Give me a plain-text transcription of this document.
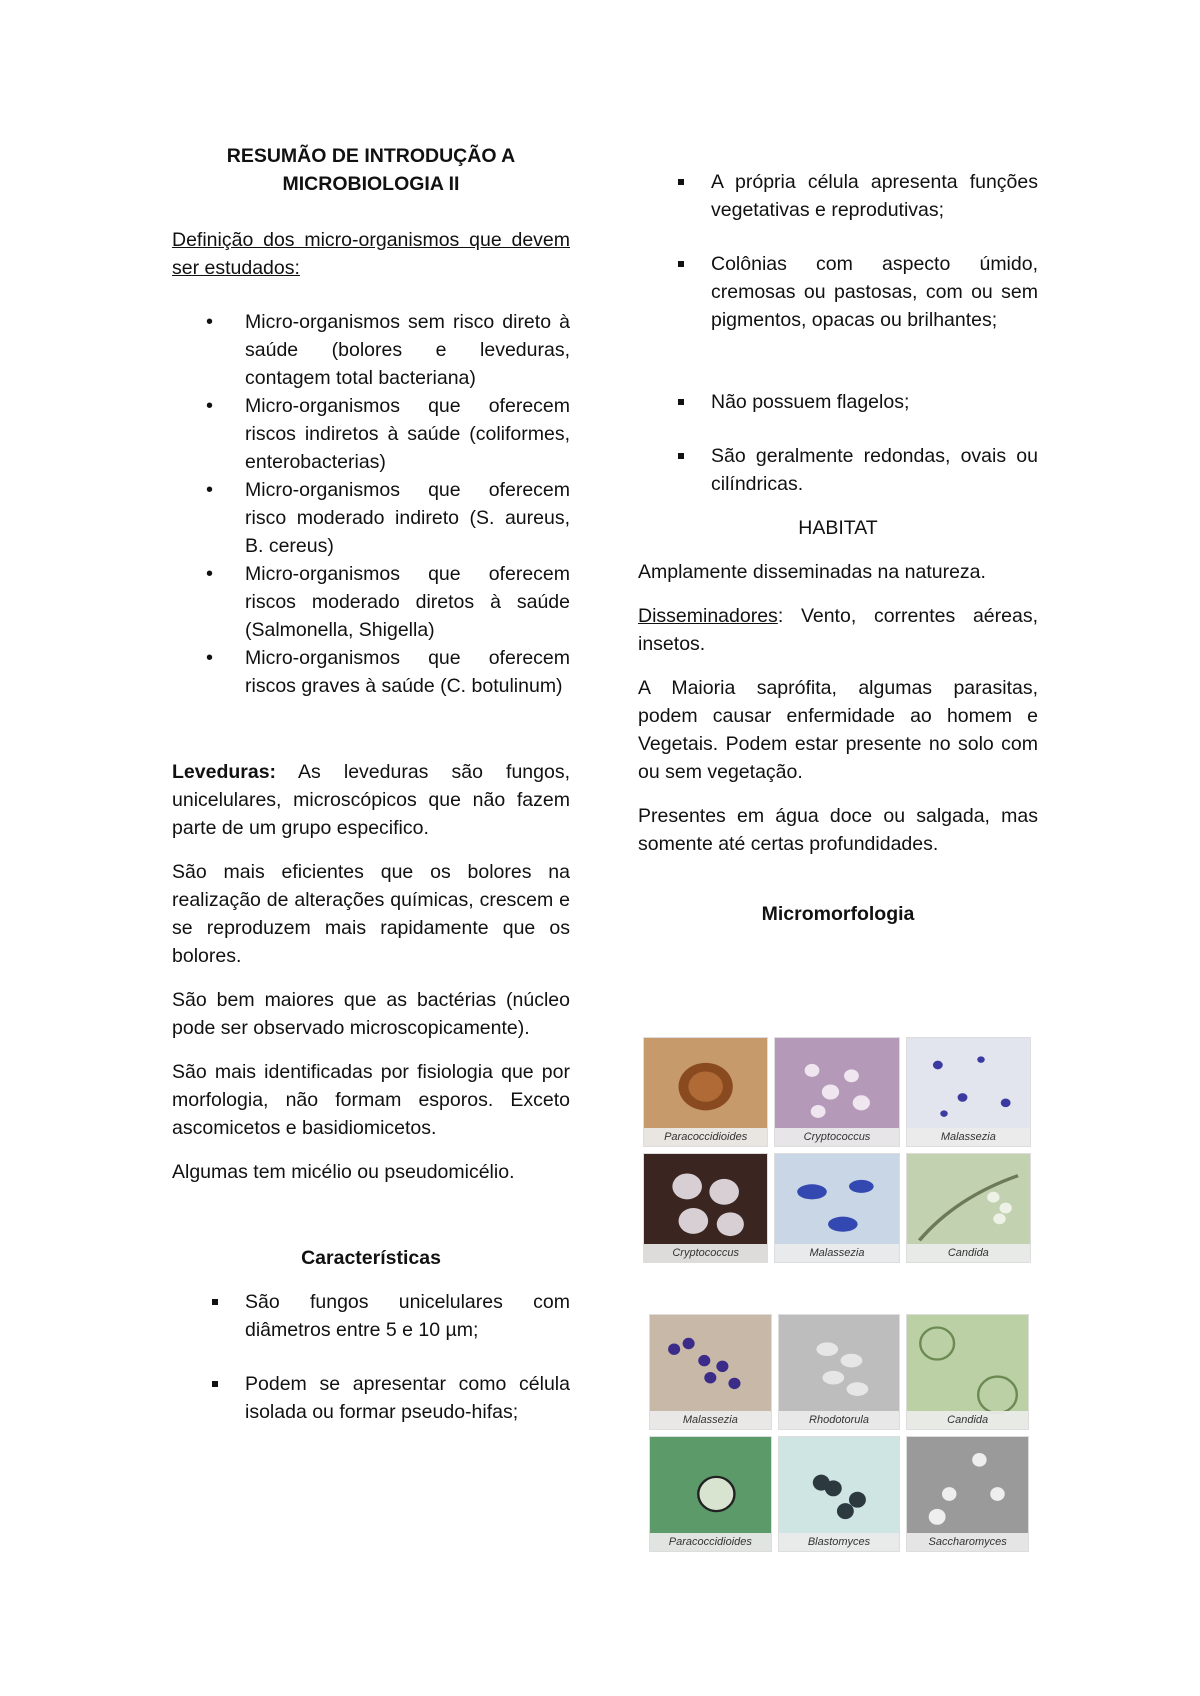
RESUMÃO DE INTRODUÇÃO A MICROBIOLOGIA II

Definição dos micro-organismos que devem ser estudados:

• Micro-organismos sem risco direto à saúde (bolores e leveduras, contagem total bacteriana)
• Micro-organismos que oferecem riscos indiretos à saúde (coliformes, enterobacterias)
• Micro-organismos que oferecem risco moderado indireto (S. aureus, B. cereus)
• Micro-organismos que oferecem riscos moderado diretos à saúde (Salmonella, Shigella)
• Micro-organismos que oferecem riscos graves à saúde (C. botulinum)

Leveduras: As leveduras são fungos, unicelulares, microscópicos que não fazem parte de um grupo especifico.

São mais eficientes que os bolores na realização de alterações químicas, crescem e se reproduzem mais rapidamente que os bolores.

São bem maiores que as bactérias (núcleo pode ser observado microscopicamente).

São mais identificadas por fisiologia que por morfologia, não formam esporos. Exceto ascomicetos e basidiomicetos.

Algumas tem micélio ou pseudomicélio.

Características

São fungos unicelulares com diâmetros entre 5 e 10 µm;
Podem se apresentar como célula isolada ou formar pseudo-hifas;
A própria célula apresenta funções vegetativas e reprodutivas;
Colônias com aspecto úmido, cremosas ou pastosas, com ou sem pigmentos, opacas ou brilhantes;
Não possuem flagelos;
São geralmente redondas, ovais ou cilíndricas.

HABITAT

Amplamente disseminadas na natureza.

Disseminadores: Vento, correntes aéreas, insetos.

A Maioria saprófita, algumas parasitas, podem causar enfermidade ao homem e Vegetais. Podem estar presente no solo com ou sem vegetação.

Presentes em água doce ou salgada, mas somente até certas profundidades.

Micromorfologia

Paracoccidioides	Cryptococcus	Malassezia
Cryptococcus	Malassezia	Candida
Malassezia	Rhodotorula	Candida
Paracoccidioides	Blastomyces	Saccharomyces
